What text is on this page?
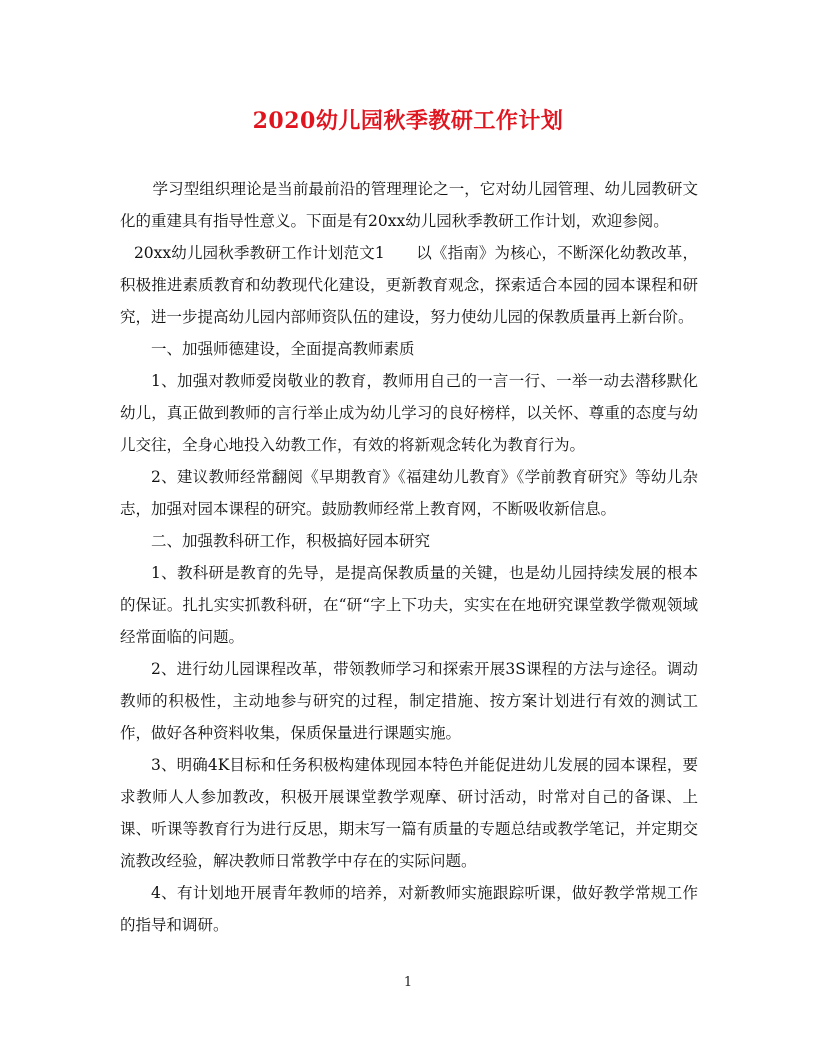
2020幼儿园秋季教研工作计划

学习型组织理论是当前最前沿的管理理论之一，它对幼儿园管理、幼儿园教研文化的重建具有指导性意义。下面是有20xx幼儿园秋季教研工作计划，欢迎参阅。

20xx幼儿园秋季教研工作计划范文1　　以《指南》为核心，不断深化幼教改革，积极推进素质教育和幼教现代化建设，更新教育观念，探索适合本园的园本课程和研究，进一步提高幼儿园内部师资队伍的建设，努力使幼儿园的保教质量再上新台阶。

一、加强师德建设，全面提高教师素质

1、加强对教师爱岗敬业的教育，教师用自己的一言一行、一举一动去潜移默化幼儿，真正做到教师的言行举止成为幼儿学习的良好榜样，以关怀、尊重的态度与幼儿交往，全身心地投入幼教工作，有效的将新观念转化为教育行为。

2、建议教师经常翻阅《早期教育》《福建幼儿教育》《学前教育研究》等幼儿杂志，加强对园本课程的研究。鼓励教师经常上教育网，不断吸收新信息。

二、加强教科研工作，积极搞好园本研究

1、教科研是教育的先导，是提高保教质量的关键，也是幼儿园持续发展的根本的保证。扎扎实实抓教科研，在“研“字上下功夫，实实在在地研究课堂教学微观领域经常面临的问题。

2、进行幼儿园课程改革，带领教师学习和探索开展3S课程的方法与途径。调动教师的积极性，主动地参与研究的过程，制定措施、按方案计划进行有效的测试工作，做好各种资料收集，保质保量进行课题实施。

3、明确4K目标和任务积极构建体现园本特色并能促进幼儿发展的园本课程，要求教师人人参加教改，积极开展课堂教学观摩、研讨活动，时常对自己的备课、上课、听课等教育行为进行反思，期末写一篇有质量的专题总结或教学笔记，并定期交流教改经验，解决教师日常教学中存在的实际问题。

4、有计划地开展青年教师的培养，对新教师实施跟踪听课，做好教学常规工作的指导和调研。

1
